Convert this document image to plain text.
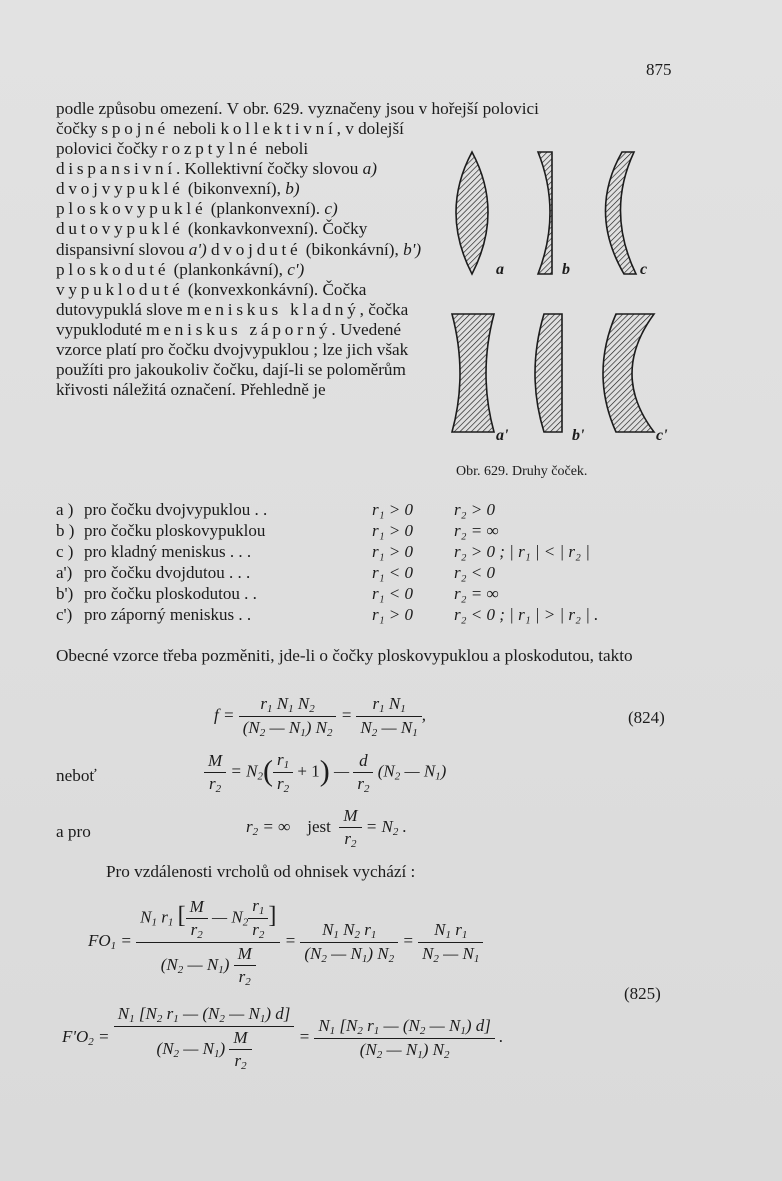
875
podle způsobu omezení. V obr. 629. vyznačeny jsou v hořejší polovici
čočky spojné neboli kollektivní, v dolejší polovici čočky rozptylné neboli dispansivní. Kollektivní čočky slovou a) dvojvypuklé (bikonvexní), b) ploskovypuklé (plankonvexní). c) dutovypuklé (konkavkonvexní). Čočky dispansivní slovou a') dvojduté (bikonkávní), b') ploskoduté (plankonkávní), c') vypukloduté (konvexkonkávní). Čočka dutovypuklá slove meniskus kladný, čočka vypukloduté meniskus záporný. Uvedené vzorce platí pro čočku dvojvypuklou ; lze jich však použíti pro jakoukoliv čočku, dají-li se poloměrům křivosti náležitá označení. Přehledně je
a	b	c
a'	b'	c'
Obr. 629. Druhy čoček.
a ) pro čočku dvojvypuklou . .	r₁ > 0 r₂ > 0
b ) pro čočku ploskovypuklou	r₁ > 0 r₂ = ∞
c ) pro kladný meniskus . . .	r₁ > 0 r₂ > 0 ; | r₁ | < | r₂ |
a') pro čočku dvojdutou . . .	r₁ < 0 r₂ < 0
b') pro čočku ploskodutou . .	r₁ < 0 r₂ = ∞
c') pro záporný meniskus . .	r₁ > 0 r₂ < 0 ; | r₁ | > | r₂ | .
Obecné vzorce třeba pozměniti, jde-li o čočky ploskovypuklou a ploskodutou, takto
$f = \frac{r_1 N_1 N_2}{(N_2 — N_1) N_2} = \frac{r_1 N_1}{N_2 — N_1}$ ,	(824)
neboť	$\frac{M}{r_2} = N_2( \frac{r_1}{r_2} + 1)$ — $\frac{d}{r_2} (N_2$ — $N_1$)
a pro	$r_2$ = ∞    jest $\frac{M}{r_2} = N_2$ .
Pro vzdálenosti vrcholů od ohnisek vychází :
$FO_1 = \frac{N_1 r_1 [ \frac{M}{r_2} — N_2 \frac{r_1}{r_2} ]}{(N_2 — N_1) \frac{M}{r_2}} = \frac{N_1 N_2 r_1}{(N_2 — N_1) N_2} = \frac{N_1 r_1}{N_2 — N_1}$
(825)
$F'O_2 = \frac{N_1 [N_2 r_1 — (N_2 — N_1) d]}{(N_2 — N_1) \frac{M}{r_2}} = \frac{N_1 [N_2 r_1 — (N_2 — N_1) d]}{(N_2 — N_1) N_2}$ .
